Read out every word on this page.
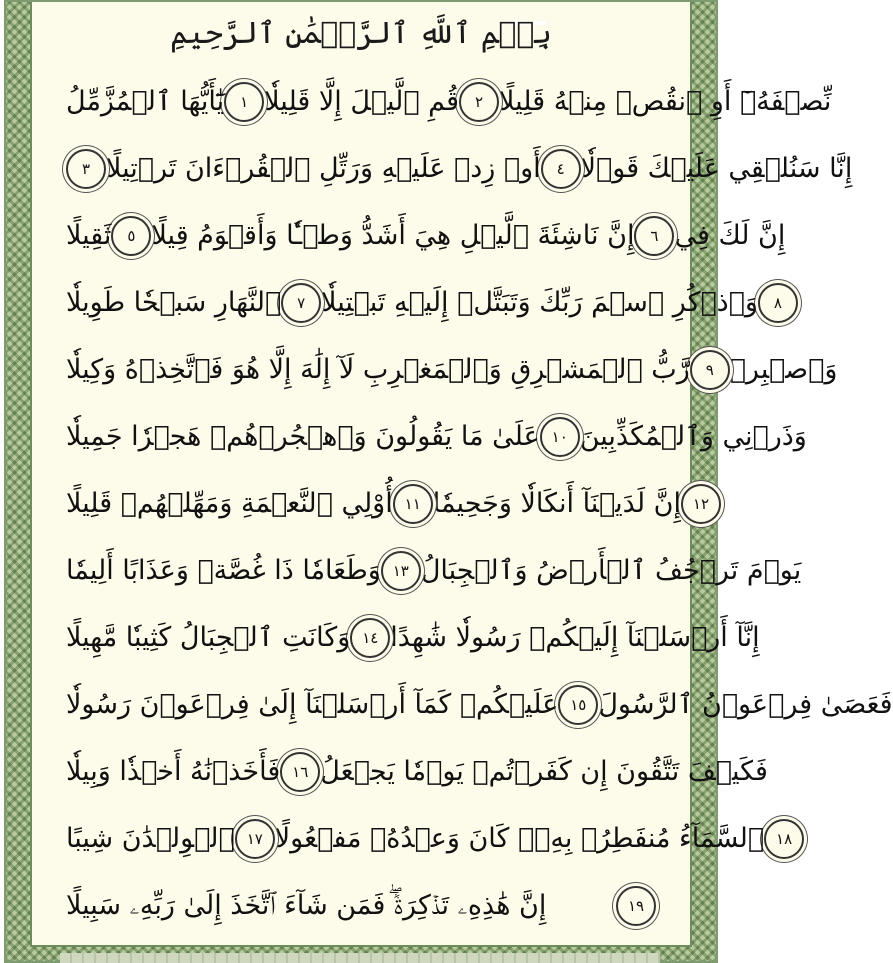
بِسۡمِ ٱللَّهِ ٱلرَّحۡمَٰنِ ٱلرَّحِيمِ
يَٰٓأَيُّهَا ٱلۡمُزَّمِّلُ	١ قُمِ ٱلَّيۡلَ إِلَّا قَلِيلٗا	٢ نِّصۡفَهُۥٓ أَوِ ٱنقُصۡ مِنۡهُ قَلِيلًا
٣ أَوۡ زِدۡ عَلَيۡهِ وَرَتِّلِ ٱلۡقُرۡءَانَ تَرۡتِيلًا	٤ إِنَّا سَنُلۡقِي عَلَيۡكَ قَوۡلٗا
ثَقِيلًا	٥ إِنَّ نَاشِئَةَ ٱلَّيۡلِ هِيَ أَشَدُّ وَطۡـٔٗا وَأَقۡوَمُ قِيلًا	٦ إِنَّ لَكَ فِي
ٱلنَّهَارِ سَبۡحٗا طَوِيلٗا	٧ وَٱذۡكُرِ ٱسۡمَ رَبِّكَ وَتَبَتَّلۡ إِلَيۡهِ تَبۡتِيلٗا	٨
رَّبُّ ٱلۡمَشۡرِقِ وَٱلۡمَغۡرِبِ لَآ إِلَٰهَ إِلَّا هُوَ فَٱتَّخِذۡهُ وَكِيلٗا	٩ وَٱصۡبِرۡ
عَلَىٰ مَا يَقُولُونَ وَٱهۡجُرۡهُمۡ هَجۡرٗا جَمِيلٗا ١٠ وَذَرۡنِي وَٱلۡمُكَذِّبِينَ
أُوْلِي ٱلنَّعۡمَةِ وَمَهِّلۡهُمۡ قَلِيلًا ١١ إِنَّ لَدَيۡنَآ أَنكَالٗا وَجَحِيمٗا ١٢
وَطَعَامٗا ذَا غُصَّةٖ وَعَذَابًا أَلِيمٗا ١٣ يَوۡمَ تَرۡجُفُ ٱلۡأَرۡضُ وَٱلۡجِبَالُ
وَكَانَتِ ٱلۡجِبَالُ كَثِيبٗا مَّهِيلًا ١٤ إِنَّآ أَرۡسَلۡنَآ إِلَيۡكُمۡ رَسُولٗا شَٰهِدًا
عَلَيۡكُمۡ كَمَآ أَرۡسَلۡنَآ إِلَىٰ فِرۡعَوۡنَ رَسُولٗا ١٥ فَعَصَىٰ فِرۡعَوۡنُ ٱلرَّسُولَ
فَأَخَذۡنَٰهُ أَخۡذٗا وَبِيلٗا ١٦ فَكَيۡفَ تَتَّقُونَ إِن كَفَرۡتُمۡ يَوۡمٗا يَجۡعَلُ
ٱلۡوِلۡدَٰنَ شِيبًا ١٧ ٱلسَّمَآءُ مُنفَطِرُۢ بِهِۦۚ كَانَ وَعۡدُهُۥ مَفۡعُولًا ١٨
إِنَّ هَٰذِهِۦ تَذۡكِرَةٞۖ فَمَن شَآءَ ٱتَّخَذَ إِلَىٰ رَبِّهِۦ سَبِيلًا	١٩
